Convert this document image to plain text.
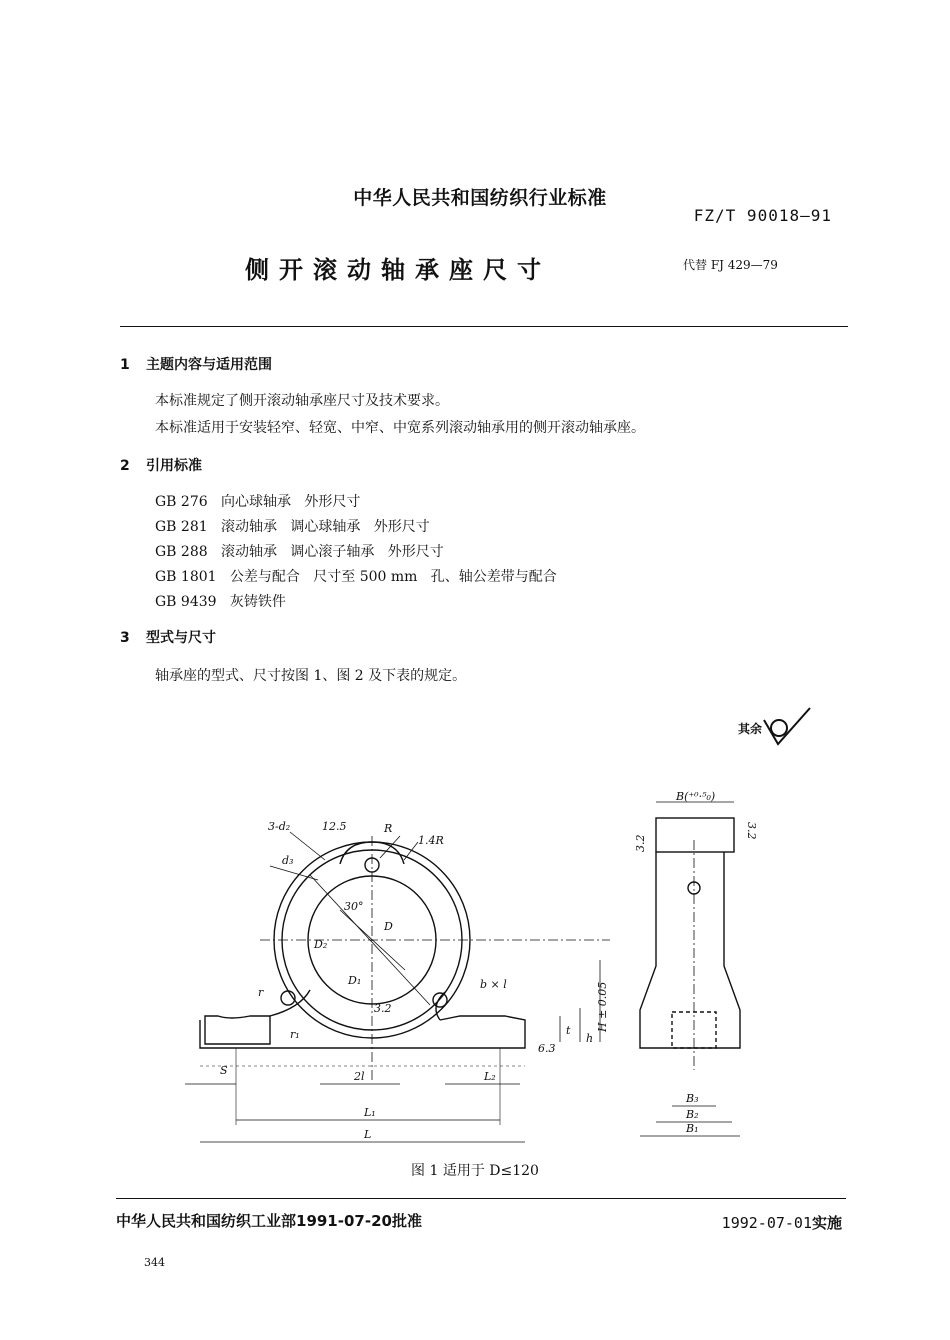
中华人民共和国纺织行业标准
FZ/T 90018—91
侧开滚动轴承座尺寸	代替 FJ 429—79
1 主题内容与适用范围
本标准规定了侧开滚动轴承座尺寸及技术要求。
本标准适用于安装轻窄、轻宽、中窄、中宽系列滚动轴承用的侧开滚动轴承座。
2 引用标准
GB 276   向心球轴承   外形尺寸
GB 281   滚动轴承   调心球轴承   外形尺寸
GB 288   滚动轴承   调心滚子轴承   外形尺寸
GB 1801   公差与配合   尺寸至 500 mm   孔、轴公差带与配合
GB 9439   灰铸铁件
3 型式与尺寸
轴承座的型式、尺寸按图 1、图 2 及下表的规定。
其余
3-d₂	12.5	R
1.4R
d₃
30°
D
D₁
D₂
r
r₁
b × l
3.2	H ± 0.05
t
h
6.3
S	2l	L₂
L₁
L
B(⁺⁰·⁵₀)
3.2
3.2
B₃
B₂
B₁
图 1 适用于 D≤120
中华人民共和国纺织工业部1991-07-20批准	1992-07-01实施
344
